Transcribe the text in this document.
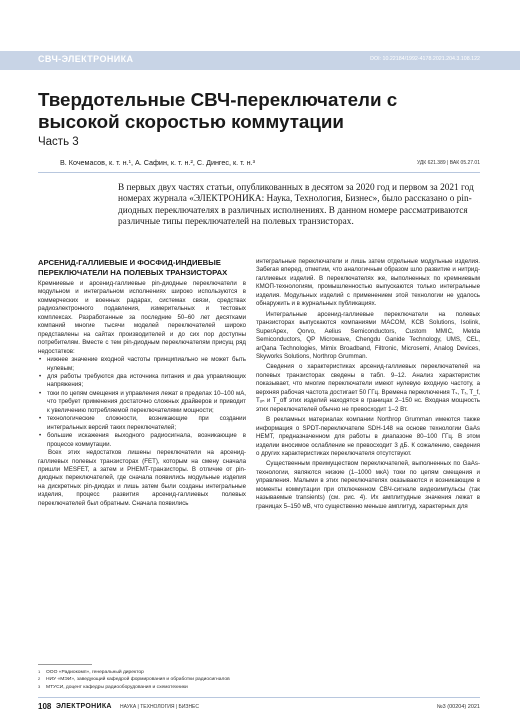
СВЧ-ЭЛЕКТРОНИКА	DOI: 10.22184/1992-4178.2021.204.3.108.122
Твердотельные СВЧ-переключатели с высокой скоростью коммутации
Часть 3
В. Кочемасов, к. т. н.¹, А. Сафин, к. т. н.², С. Дингес, к. т. н.³	УДК 621.389 | ВАК 05.27.01

В первых двух частях статьи, опубликованных в десятом за 2020 год и первом за 2021 год номерах журнала «ЭЛЕКТРОНИКА: Наука, Технология, Бизнес», было рассказано о pin-диодных переключателях в различных исполнениях. В данном номере рассматриваются различные типы переключателей на полевых транзисторах.

АРСЕНИД-ГАЛЛИЕВЫЕ И ФОСФИД-ИНДИЕВЫЕ ПЕРЕКЛЮЧАТЕЛИ НА ПОЛЕВЫХ ТРАНЗИСТОРАХ

Кремниевые и арсенид-галлиевые pin-диодные переключатели в модульном и интегральном исполнениях широко используются в коммерческих и военных радарах, системах связи, средствах радиоэлектронного подавления, измерительных и тестовых комплексах. Разработанные за последние 50–60 лет десятками компаний многие тысячи моделей переключателей широко представлены на сайтах производителей и до сих пор доступны потребителям. Вместе с тем pin-диодным переключателям присущ ряд недостатков:

• нижнее значение входной частоты принципиально не может быть нулевым;
• для работы требуются два источника питания и два управляющих напряжения;
• токи по цепям смещения и управления лежат в пределах 10–100 мА, что требует применения достаточно сложных драйверов и приводит к увеличению потребляемой переключателями мощности;
• технологические сложности, возникающие при создании интегральных версий таких переключателей;
• большие искажения выходного радиосигнала, возникающие в процессе коммутации.

Всех этих недостатков лишены переключатели на арсенид-галлиевых полевых транзисторах (FET), которым на смену сначала пришли MESFET, а затем и PHEMT-транзисторы. В отличие от pin-диодных переключателей, где сначала появились модульные изделия на дискретных pin-диодах и лишь затем были созданы интегральные изделия, процесс развития арсенид-галлиевых полевых переключателей был обратным. Сначала появились

интегральные переключатели и лишь затем отдельные модульные изделия. Забегая вперед, отметим, что аналогичным образом шло развитие и нитрид-галлиевых изделий. В переключателях же, выполненных по кремниевым КМОП-технологиям, промышленностью выпускаются только интегральные изделия. Модульных изделий с применением этой технологии не удалось обнаружить и в журнальных публикациях.

Интегральные арсенид-галлиевые переключатели на полевых транзисторах выпускаются компаниями MACOM, KCB Solutions, Isolink, SuperApex, Qorvo, Aelius Semiconductors, Custom MMIC, Metda Semiconductors, QP Microwave, Chengdu Ganide Technology, UMS, CEL, arQana Technologies, Mimix Broadband, Filtronic, Microsemi, Analog Devices, Skyworks Solutions, Northrop Grumman.

Сведения о характеристиках арсенид-галлиевых переключателей на полевых транзисторах сведены в табл. 9–12. Анализ характеристик показывает, что многие переключатели имеют нулевую входную частоту, а верхняя рабочая частота достигает 50 ГГц. Времена переключения Tₛ, Tᵣ, T_f, Tₒₙ и T_off этих изделий находятся в границах 2–150 нс. Входная мощность этих переключателей обычно не превосходит 1–2 Вт.

В рекламных материалах компании Northrop Grumman имеются также информация о SPDT-переключателе SDH-148 на основе технологии GaAs HEMT, предназначенном для работы в диапазоне 80–100 ГГц. В этом изделии вносимое ослабление не превосходит 3 дБ. К сожалению, сведения о других характеристиках переключателя отсутствуют.

Существенным преимуществом переключателей, выполненных по GaAs-технологии, являются низкие (1–1000 мкА) токи по цепям смещения и управления. Малыми в этих переключателях оказываются и возникающие в моменты коммутации при отключенном СВЧ-сигнале видеоимпульсы (так называемые transients) (см. рис. 4). Их амплитудные значения лежат в границах 5–150 мВ, что существенно меньше амплитуд, характерных для

1 ООО «Радиокомп», генеральный директор
2 НИУ «МЭИ», заведующий кафедрой формирования и обработки радиосигналов
3 МТУСИ, доцент кафедры радиооборудования и схемотехники
108 ЭЛЕКТРОНИКА НАУКА | ТЕХНОЛОГИЯ | БИЗНЕС	№3 (00204) 2021
